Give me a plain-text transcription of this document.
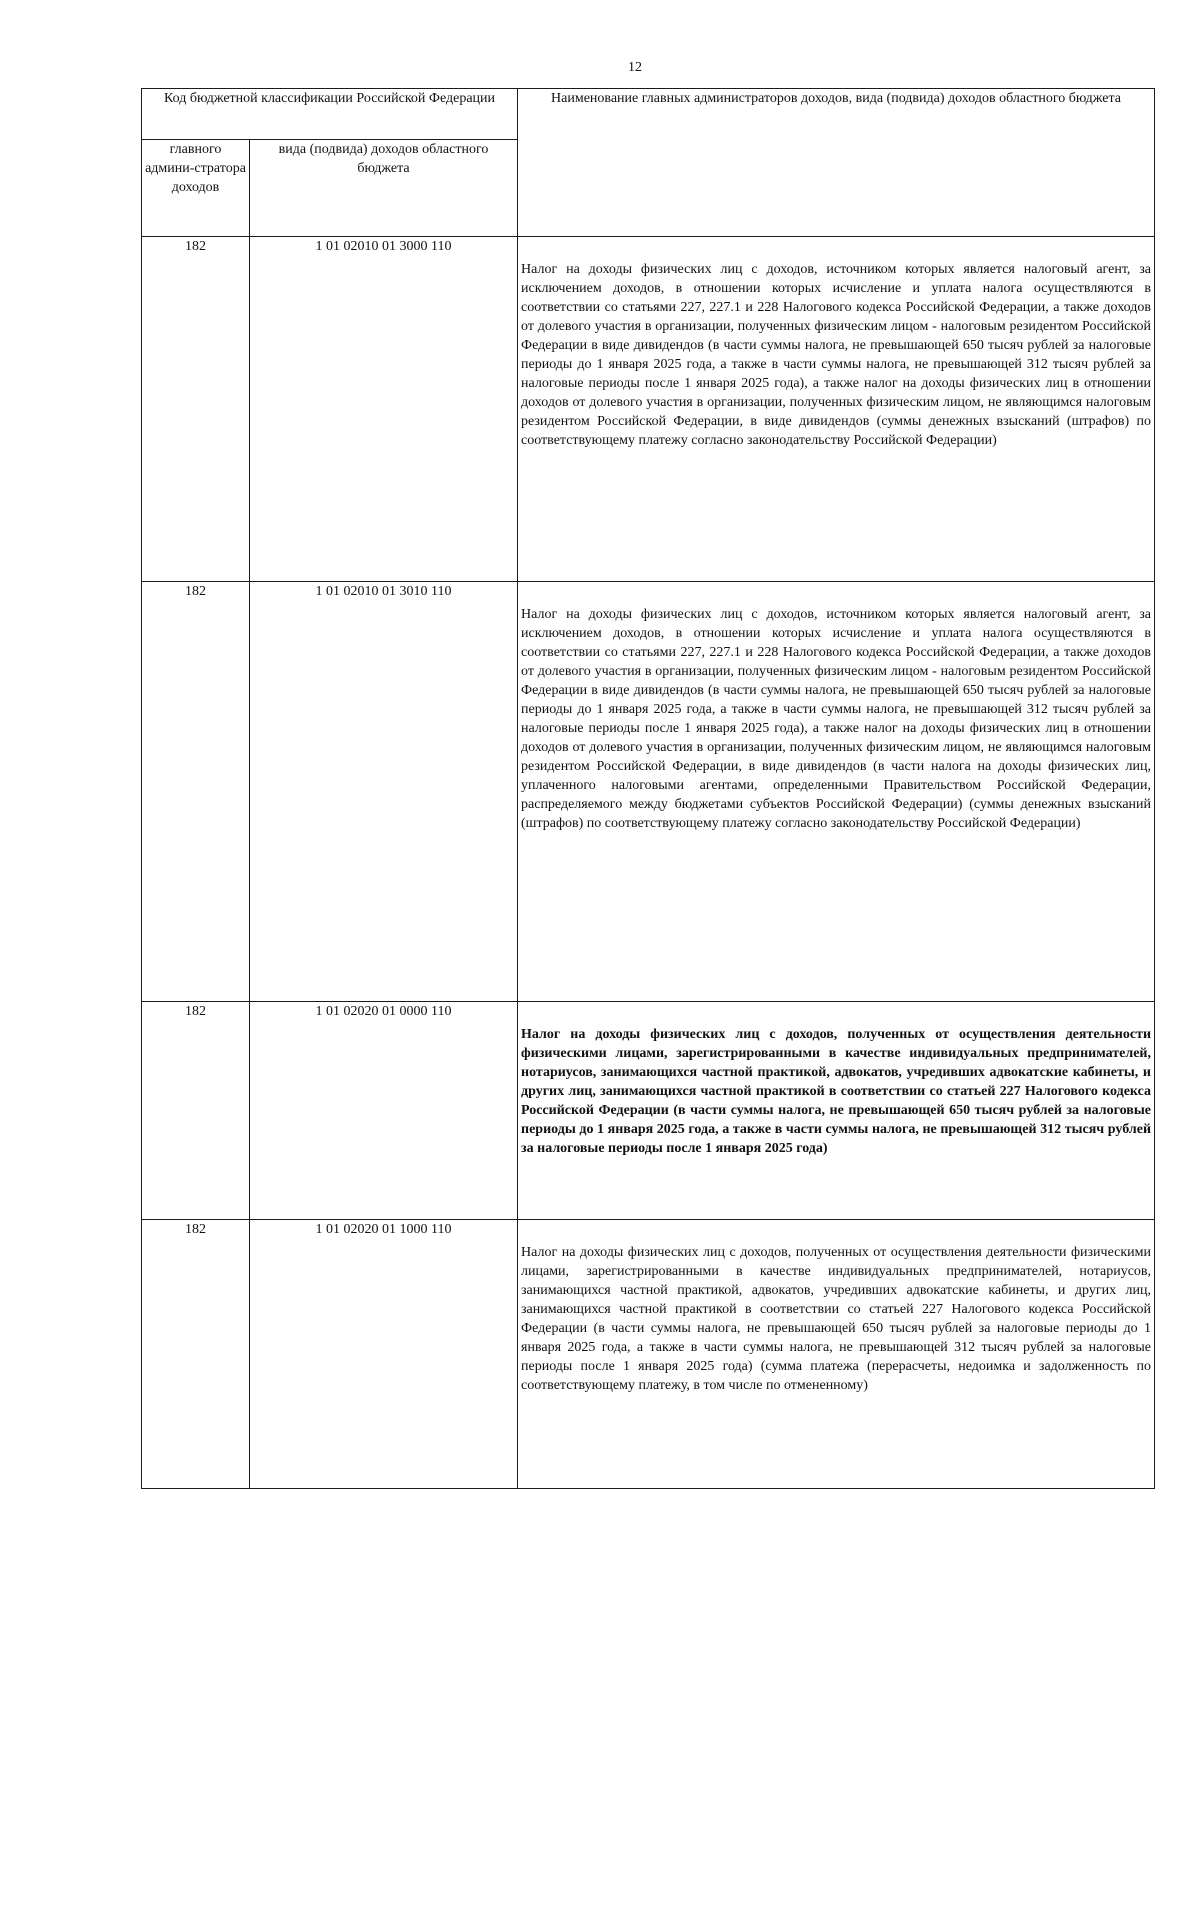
12
Код бюджетной классификации Российской Федерации		Наименование главных администраторов доходов, вида (подвида) доходов областного бюджета
главного админи-стратора доходов	вида (подвида) доходов областного бюджета	
182	1 01 02010 01 3000 110	Налог на доходы физических лиц с доходов, источником которых является налоговый агент, за исключением доходов, в отношении которых исчисление и уплата налога осуществляются в соответствии со статьями 227, 227.1 и 228 Налогового кодекса Российской Федерации, а также доходов от долевого участия в организации, полученных физическим лицом - налоговым резидентом Российской Федерации в виде дивидендов (в части суммы налога, не превышающей 650 тысяч рублей за налоговые периоды до 1 января 2025 года, а также в части суммы налога, не превышающей 312 тысяч рублей за налоговые периоды после 1 января 2025 года), а также налог на доходы физических лиц в отношении доходов от долевого участия в организации, полученных физическим лицом, не являющимся налоговым резидентом Российской Федерации, в виде дивидендов (суммы денежных взысканий (штрафов) по соответствующему платежу согласно законодательству Российской Федерации)

182	1 01 02010 01 3010 110	Налог на доходы физических лиц с доходов, источником которых является налоговый агент, за исключением доходов, в отношении которых исчисление и уплата налога осуществляются в соответствии со статьями 227, 227.1 и 228 Налогового кодекса Российской Федерации, а также доходов от долевого участия в организации, полученных физическим лицом - налоговым резидентом Российской Федерации в виде дивидендов (в части суммы налога, не превышающей 650 тысяч рублей за налоговые периоды до 1 января 2025 года, а также в части суммы налога, не превышающей 312 тысяч рублей за налоговые периоды после 1 января 2025 года), а также налог на доходы физических лиц в отношении доходов от долевого участия в организации, полученных физическим лицом, не являющимся налоговым резидентом Российской Федерации, в виде дивидендов (в части налога на доходы физических лиц, уплаченного налоговыми агентами, определенными Правительством Российской Федерации, распределяемого между бюджетами субъектов Российской Федерации) (суммы денежных взысканий (штрафов) по соответствующему платежу согласно законодательству Российской Федерации)

182	1 01 02020 01 0000 110	Налог на доходы физических лиц с доходов, полученных от осуществления деятельности физическими лицами, зарегистрированными в качестве индивидуальных предпринимателей, нотариусов, занимающихся частной практикой, адвокатов, учредивших адвокатские кабинеты, и других лиц, занимающихся частной практикой в соответствии со статьей 227 Налогового кодекса Российской Федерации (в части суммы налога, не превышающей 650 тысяч рублей за налоговые периоды до 1 января 2025 года, а также в части суммы налога, не превышающей 312 тысяч рублей за налоговые периоды после 1 января 2025 года)

182	1 01 02020 01 1000 110	Налог на доходы физических лиц с доходов, полученных от осуществления деятельности физическими лицами, зарегистрированными в качестве индивидуальных предпринимателей, нотариусов, занимающихся частной практикой, адвокатов, учредивших адвокатские кабинеты, и других лиц, занимающихся частной практикой в соответствии со статьей 227 Налогового кодекса Российской Федерации (в части суммы налога, не превышающей 650 тысяч рублей за налоговые периоды до 1 января 2025 года, а также в части суммы налога, не превышающей 312 тысяч рублей за налоговые периоды после 1 января 2025 года) (сумма платежа (перерасчеты, недоимка и задолженность по соответствующему платежу, в том числе по отмененному)
